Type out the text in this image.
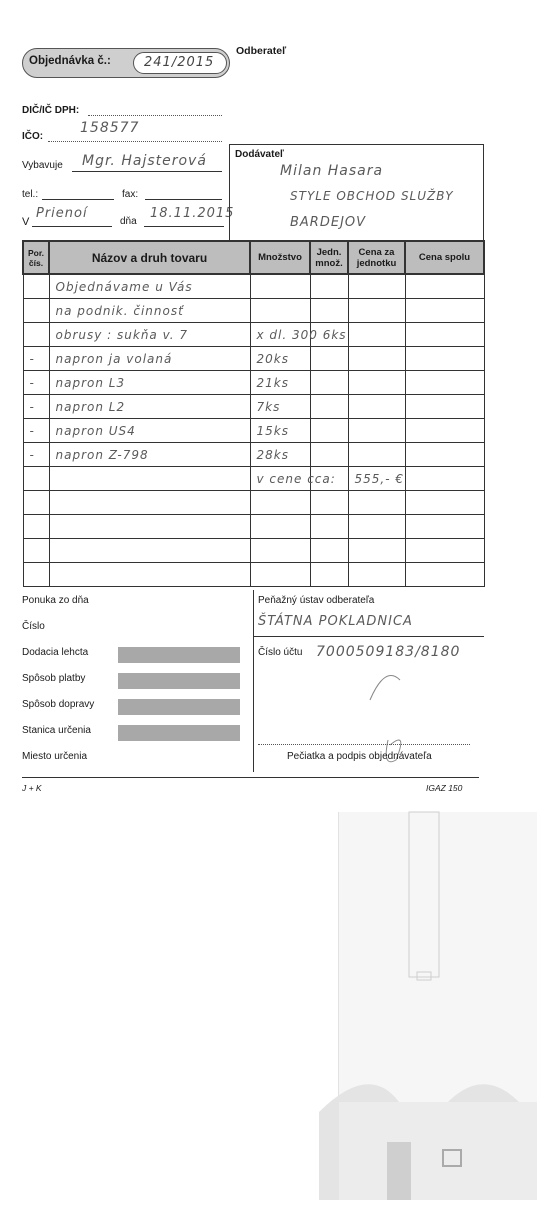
Objednávka č.:	241/2015
Odberateľ
DIČ/IČ DPH:
IČO:
158577
Vybavuje Mgr. Hajsterová
tel.:	fax:
V
Prienoí
dňa
18.11.2015
Dodávateľ
Milan Hasara
STYLE OBCHOD SLUŽBY
BARDEJOV
Por. čís.	Názov a druh tovaru	Množstvo	Jedn. množ.	Cena za jednotku	Cena spolu
	Objednávame u Vás				
	na podnik. činnosť				
	obrusy : sukňa v. 7	x dl. 300 6ks			
-	napron ja volaná	20ks			
-	napron L3	21ks			
-	napron L2	7ks			
-	napron US4	15ks			
-	napron Z-798	28ks			
		v cene cca:		555,- €	

Ponuka zo dňa
Číslo
Dodacia lehcta
Spôsob platby
Spôsob dopravy
Stanica určenia
Miesto určenia
Peňažný ústav odberateľa
ŠTÁTNA POKLADNICA
Číslo účtu 7000509183/8180
Pečiatka a podpis objednávateľa
J + K	IGAZ 150
